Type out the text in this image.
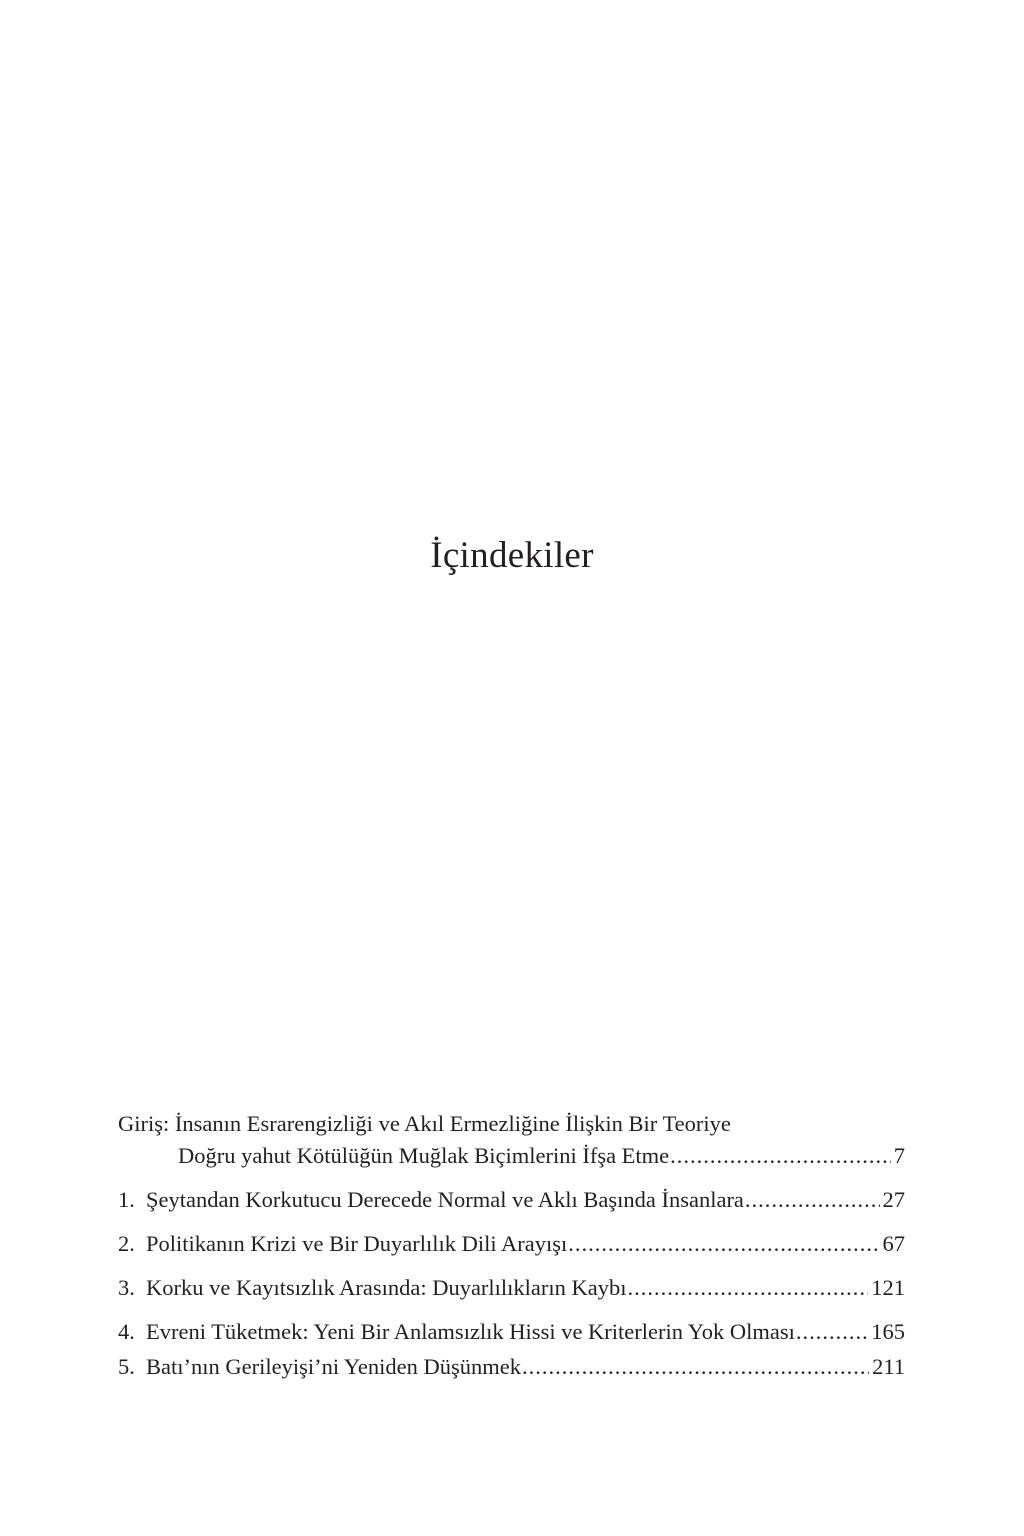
İçindekiler
Giriş: İnsanın Esrarengizliği ve Akıl Ermezliğine İlişkin Bir Teoriye
Doğru yahut Kötülüğün Muğlak Biçimlerini İfşa Etme .....	7
1. Şeytandan Korkutucu Derecede Normal ve Aklı Başında İnsanlara .....	27
2. Politikanın Krizi ve Bir Duyarlılık Dili Arayışı .....	67
3. Korku ve Kayıtsızlık Arasında: Duyarlılıkların Kaybı .....	121
4. Evreni Tüketmek: Yeni Bir Anlamsızlık Hissi ve Kriterlerin Yok Olması .....	165
5. Batı’nın Gerileyişi’ni Yeniden Düşünmek .....	211
